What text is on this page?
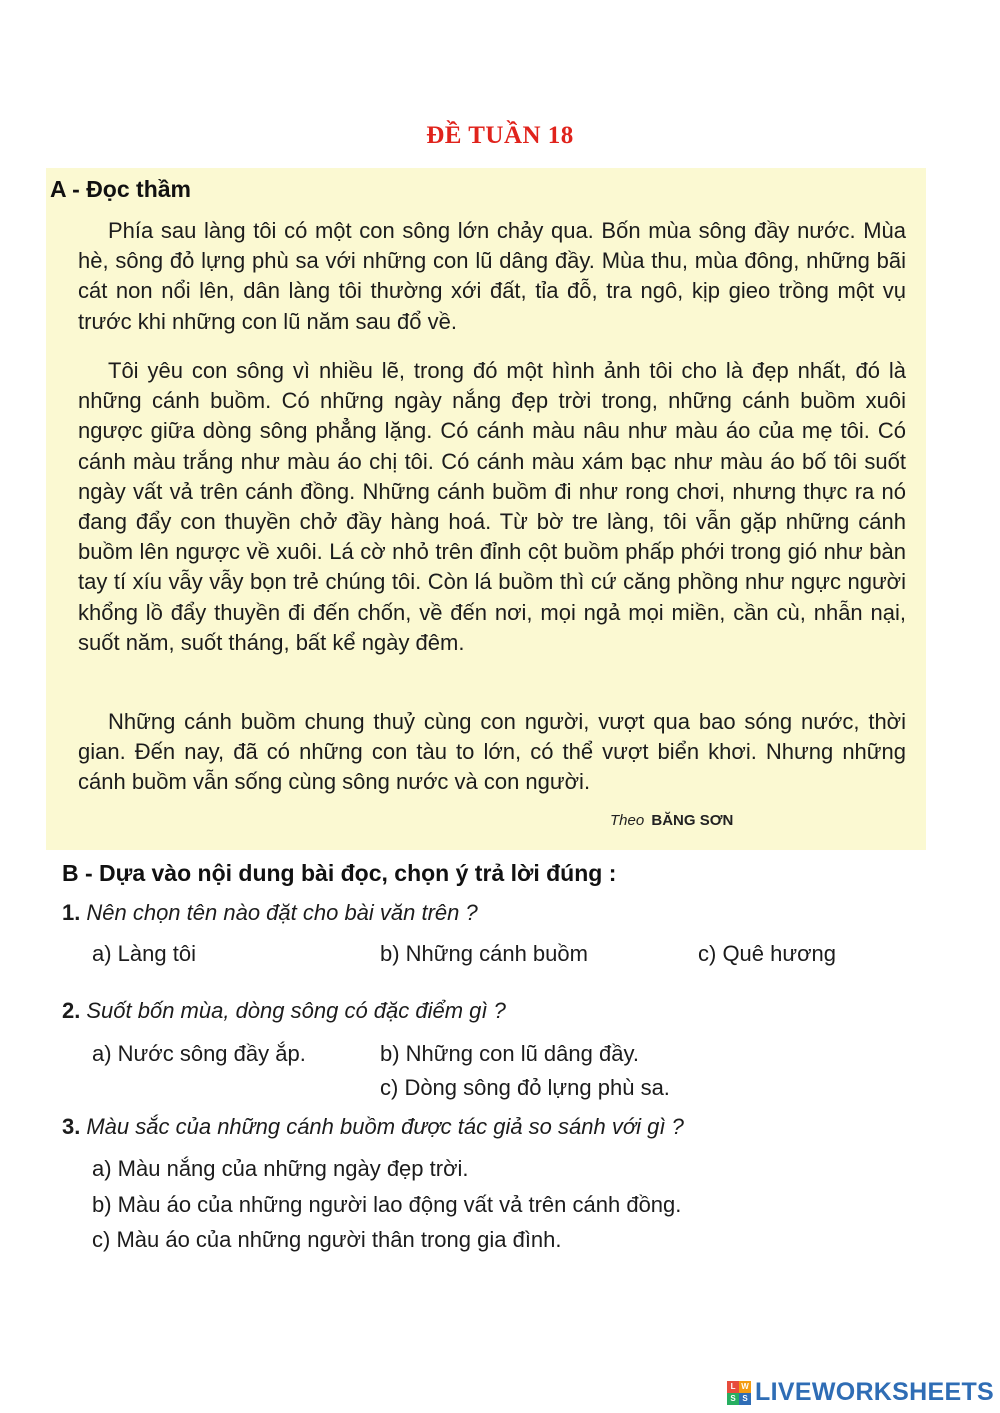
ĐỀ TUẦN 18
A - Đọc thầm

Phía sau làng tôi có một con sông lớn chảy qua. Bốn mùa sông đầy nước. Mùa hè, sông đỏ lựng phù sa với những con lũ dâng đầy. Mùa thu, mùa đông, những bãi cát non nổi lên, dân làng tôi thường xới đất, tỉa đỗ, tra ngô, kịp gieo trồng một vụ trước khi những con lũ năm sau đổ về.

Tôi yêu con sông vì nhiều lẽ, trong đó một hình ảnh tôi cho là đẹp nhất, đó là những cánh buồm. Có những ngày nắng đẹp trời trong, những cánh buồm xuôi ngược giữa dòng sông phẳng lặng. Có cánh màu nâu như màu áo của mẹ tôi. Có cánh màu trắng như màu áo chị tôi. Có cánh màu xám bạc như màu áo bố tôi suốt ngày vất vả trên cánh đồng. Những cánh buồm đi như rong chơi, nhưng thực ra nó đang đẩy con thuyền chở đầy hàng hoá. Từ bờ tre làng, tôi vẫn gặp những cánh buồm lên ngược về xuôi. Lá cờ nhỏ trên đỉnh cột buồm phấp phới trong gió như bàn tay tí xíu vẫy vẫy bọn trẻ chúng tôi. Còn lá buồm thì cứ căng phồng như ngực người khổng lồ đẩy thuyền đi đến chốn, về đến nơi, mọi ngả mọi miền, cần cù, nhẫn nại, suốt năm, suốt tháng, bất kể ngày đêm.

Những cánh buồm chung thuỷ cùng con người, vượt qua bao sóng nước, thời gian. Đến nay, đã có những con tàu to lớn, có thể vượt biển khơi. Nhưng những cánh buồm vẫn sống cùng sông nước và con người.

Theo BĂNG SƠN
B - Dựa vào nội dung bài đọc, chọn ý trả lời đúng :
1. Nên chọn tên nào đặt cho bài văn trên ?
a) Làng tôi	b) Những cánh buồm	c) Quê hương
2. Suốt bốn mùa, dòng sông có đặc điểm gì ?
a) Nước sông đầy ắp.	b) Những con lũ dâng đầy.
c) Dòng sông đỏ lựng phù sa.
3. Màu sắc của những cánh buồm được tác giả so sánh với gì ?
a) Màu nắng của những ngày đẹp trời.
b) Màu áo của những người lao động vất vả trên cánh đồng.
c) Màu áo của những người thân trong gia đình.
L W
S S LIVEWORKSHEETS
